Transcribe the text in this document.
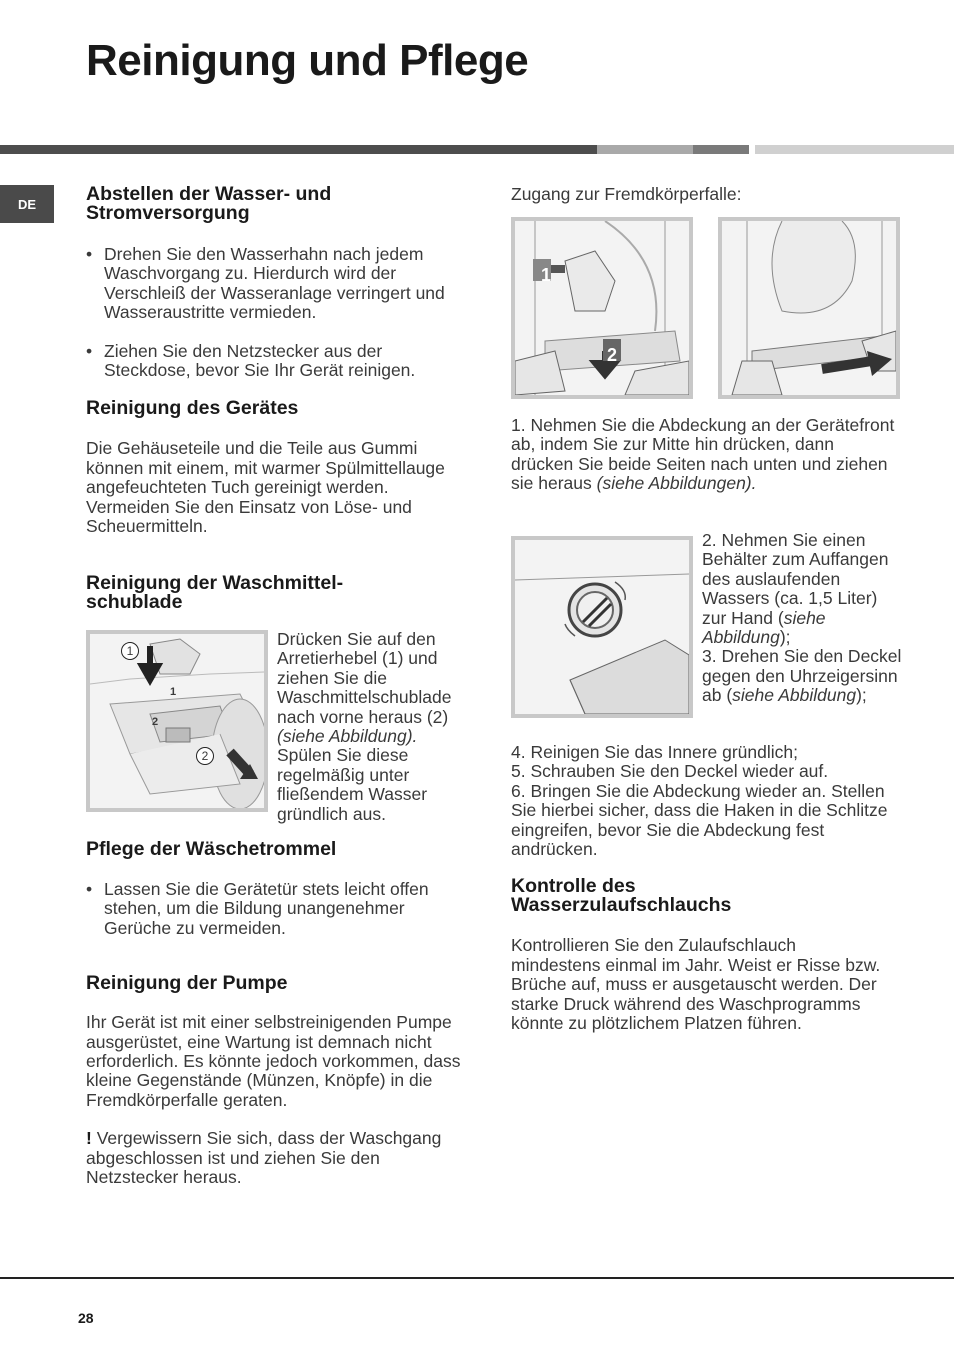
Reinigung und Pflege
DE	Abstellen der Wasser- und Stromversorgung
• Drehen Sie den Wasserhahn nach jedem Waschvorgang zu. Hierdurch wird der Verschleiß der Wasseranlage verringert und Wasseraustritte vermieden.
• Ziehen Sie den Netzstecker aus der Steckdose, bevor Sie Ihr Gerät reinigen.
Reinigung des Gerätes

Die Gehäuseteile und die Teile aus Gummi können mit einem, mit warmer Spülmittellauge angefeuchteten Tuch gereinigt werden. Vermeiden Sie den Einsatz von Löse- und Scheuermitteln.

Reinigung der Waschmittel-schublade
1
1
2
2

Drücken Sie auf den Arretierhebel (1) und ziehen Sie die Waschmittelschublade nach vorne heraus (2) (siehe Abbildung). Spülen Sie diese regelmäßig unter fließendem Wasser gründlich aus.

Pflege der Wäschetrommel
• Lassen Sie die Gerätetür stets leicht offen stehen, um die Bildung unangenehmer Gerüche zu vermeiden.
Reinigung der Pumpe

Ihr Gerät ist mit einer selbstreinigenden Pumpe ausgerüstet, eine Wartung ist demnach nicht erforderlich. Es könnte jedoch vorkommen, dass kleine Gegenstände (Münzen, Knöpfe) in die Fremdkörperfalle geraten.

! Vergewissern Sie sich, dass der Waschgang abgeschlossen ist und ziehen Sie den Netzstecker heraus.

Zugang zur Fremdkörperfalle:
1
2

1. Nehmen Sie die Abdeckung an der Gerätefront ab, indem Sie zur Mitte hin drücken, dann drücken Sie beide Seiten nach unten und ziehen sie heraus (siehe Abbildungen).

2. Nehmen Sie einen Behälter zum Auffangen des auslaufenden Wassers (ca. 1,5 Liter) zur Hand (siehe Abbildung);

3. Drehen Sie den Deckel gegen den Uhrzeigersinn ab (siehe Abbildung);

4. Reinigen Sie das Innere gründlich;

5. Schrauben Sie den Deckel wieder auf.

6. Bringen Sie die Abdeckung wieder an. Stellen Sie hierbei sicher, dass die Haken in die Schlitze eingreifen, bevor Sie die Abdeckung fest andrücken.

Kontrolle des Wasserzulaufschlauchs

Kontrollieren Sie den Zulaufschlauch mindestens einmal im Jahr. Weist er Risse bzw. Brüche auf, muss er ausgetauscht werden. Der starke Druck während des Waschprogramms könnte zu plötzlichem Platzen führen.

28
